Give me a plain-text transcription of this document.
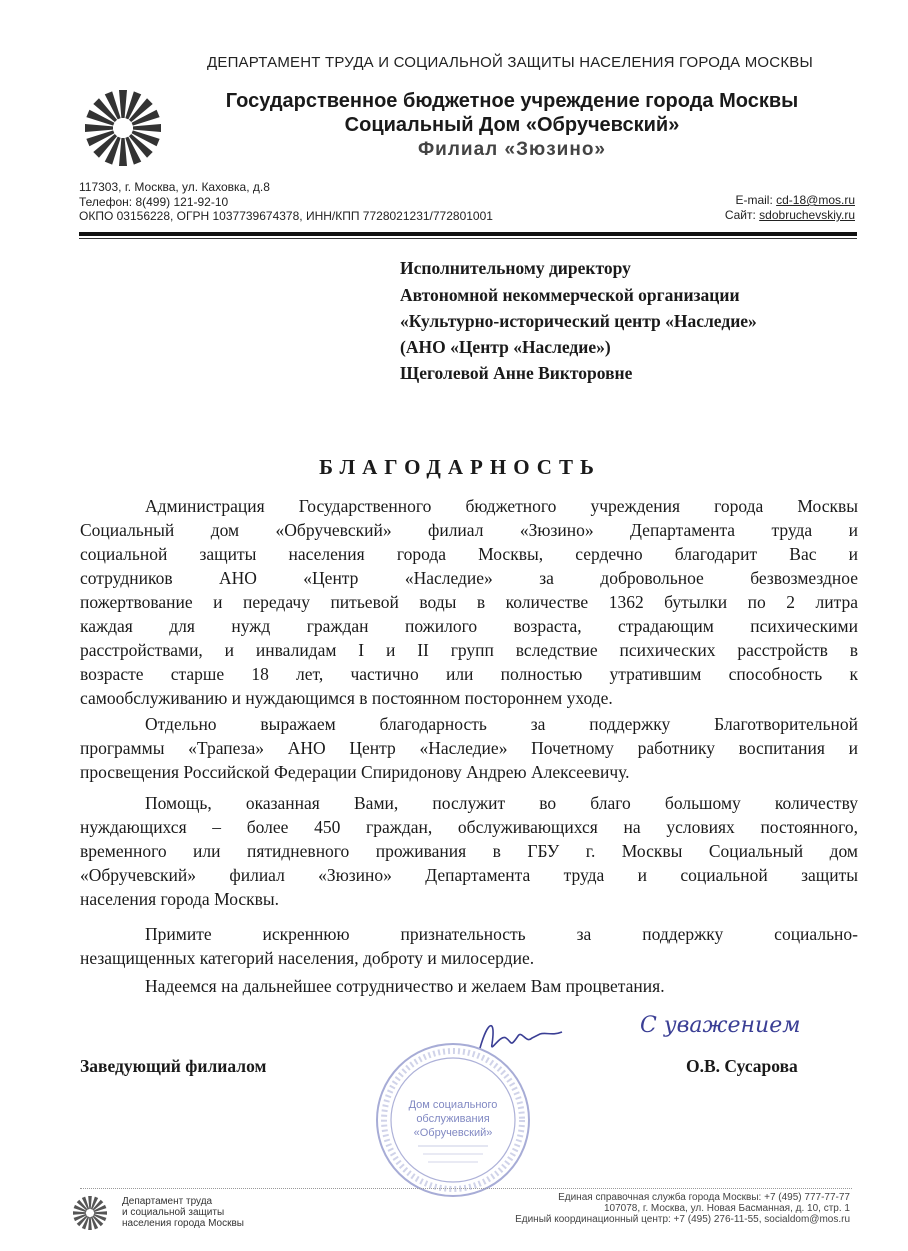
ДЕПАРТАМЕНТ ТРУДА И СОЦИАЛЬНОЙ ЗАЩИТЫ НАСЕЛЕНИЯ ГОРОДА МОСКВЫ
Государственное бюджетное учреждение города Москвы
Социальный Дом «Обручевский»
Филиал «Зюзино»
117303, г. Москва, ул. Каховка, д.8
Телефон: 8(499) 121-92-10
ОКПО 03156228, ОГРН 1037739674378, ИНН/КПП 7728021231/772801001
E-mail: cd-18@mos.ru
Сайт: sdobruchevskiy.ru
Исполнительному директору
Автономной некоммерческой организации
«Культурно-исторический центр «Наследие»
(АНО «Центр «Наследие»)
Щеголевой Анне Викторовне
БЛАГОДАРНОСТЬ
Администрация Государственного бюджетного учреждения города Москвы
Социальный дом «Обручевский» филиал «Зюзино» Департамента труда и
социальной защиты населения города Москвы, сердечно благодарит Вас и
сотрудников АНО «Центр «Наследие» за добровольное безвозмездное
пожертвование и передачу питьевой воды в количестве 1362 бутылки по 2 литра
каждая для нужд граждан пожилого возраста, страдающим психическими
расстройствами, и инвалидам I и II групп вследствие психических расстройств в
возрасте старше 18 лет, частично или полностью утратившим способность к
самообслуживанию и нуждающимся в постоянном постороннем уходе.
Отдельно выражаем благодарность за поддержку Благотворительной
программы «Трапеза» АНО Центр «Наследие» Почетному работнику воспитания и
просвещения Российской Федерации Спиридонову Андрею Алексеевичу.
Помощь, оказанная Вами, послужит во благо большому количеству
нуждающихся – более 450 граждан, обслуживающихся на условиях постоянного,
временного или пятидневного проживания в ГБУ г. Москвы Социальный дом
«Обручевский» филиал «Зюзино» Департамента труда и социальной защиты
населения города Москвы.
Примите искреннюю признательность за поддержку социально-
незащищенных категорий населения, доброту и милосердие.
Надеемся на дальнейшее сотрудничество и желаем Вам процветания.
С уважением
Дом социального
обслуживания
«Обручевский»
Заведующий филиалом	О.В. Сусарова
Департамент труда
и социальной защиты
населения города Москвы
Единая справочная служба города Москвы: +7 (495) 777-77-77
107078, г. Москва, ул. Новая Басманная, д. 10, стр. 1
Единый координационный центр: +7 (495) 276-11-55, socialdom@mos.ru
